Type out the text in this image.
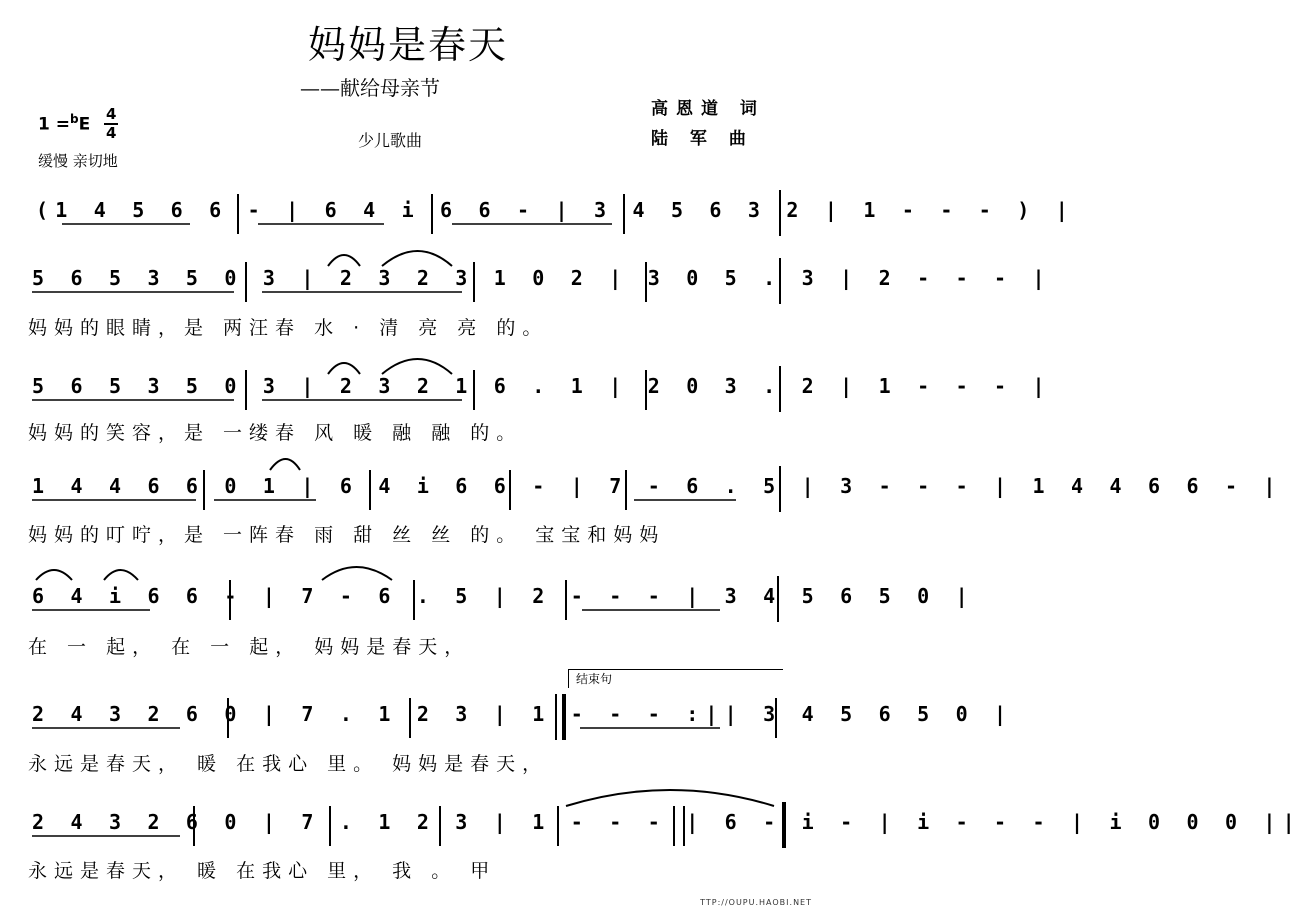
妈妈是春天
——献给母亲节
少儿歌曲
高恩道 词
陆 军 曲
1 =$^b$E
4
4
缓慢 亲切地
(1 4 5 6 6 - | 6 4 i 6 6 - | 3 4 5 6 3 2 | 1 - - - ) |
5 6 5 3 5 0 3 | 2 3 2 3 1 0 2 | 3 0 5 . 3 | 2 - - - |
妈妈的眼睛，是 两汪春 水 · 清 亮 亮 的。
5 6 5 3 5 0 3 | 2 3 2 1 6 . 1 | 2 0 3 . 2 | 1 - - - |
妈妈的笑容，是 一缕春 风 暖 融 融 的。
1 4 4 6 6 0 1 | 6 4 i 6 6 - | 7 - 6 . 5 | 3 - - - | 1 4 4 6 6 - |
妈妈的叮咛，是 一阵春 雨 甜 丝 丝 的。 宝宝和妈妈
6 4 i 6 6 - | 7 - 6 . 5 | 2 - - - | 3 4 5 6 5 0 |
在 一 起， 在 一 起， 妈妈是春天，
结束句
2 4 3 2 6 0 | 7 . 1 2 3 | 1 - - - :|| 3 4 5 6 5 0 |
永远是春天， 暖 在我心 里。 妈妈是春天，
2 4 3 2 6 0 | 7 . 1 2 3 | 1 - - - | 6 - i - | i - - - | i 0 0 0 ||
永远是春天， 暖 在我心 里， 我 。 甲
TTP://OUPU.HAOBI.NET
